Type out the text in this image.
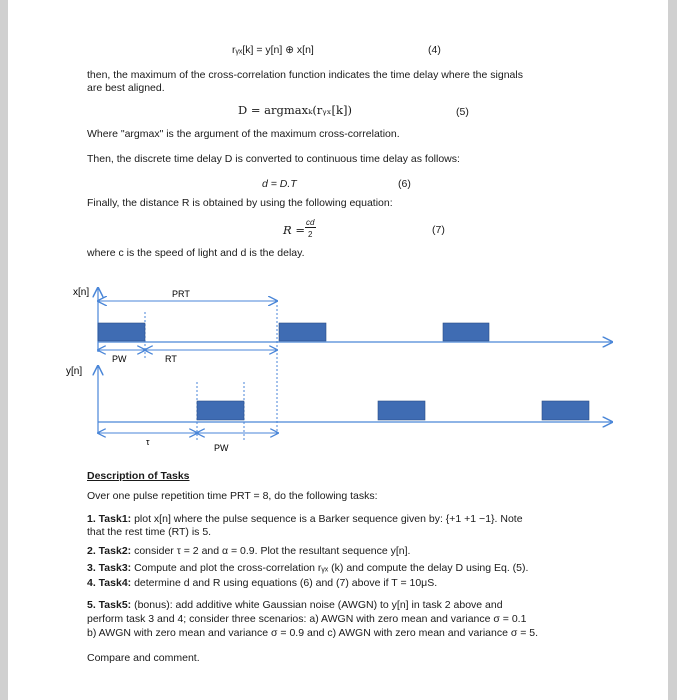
rᵧₓ[k] = y[n] ⊕ x[n]	(4)
then, the maximum of the cross-correlation function indicates the time delay where the signals
are best aligned.
D = argmaxₖ(rᵧₓ[k])	(5)
Where "argmax" is the argument of the maximum cross-correlation.
Then, the discrete time delay D is converted to continuous time delay as follows:
d = D.T	(6)
Finally, the distance R is obtained by using the following equation:
R =
cd
2	(7)
where c is the speed of light and d is the delay.
x[n]
y[n]
PRT
PW	RT
τ
PW
Description of Tasks
Over one pulse repetition time PRT = 8, do the following tasks:
1. Task1: plot x[n] where the pulse sequence is a Barker sequence given by: {+1 +1 −1}. Note
that the rest time (RT) is 5.
2. Task2: consider τ = 2 and α = 0.9. Plot the resultant sequence y[n].
3. Task3: Compute and plot the cross-correlation rᵧₓ (k) and compute the delay D using Eq. (5).
4. Task4: determine d and R using equations (6) and (7) above if T = 10μS.
5. Task5: (bonus): add additive white Gaussian noise (AWGN) to y[n] in task 2 above and
perform task 3 and 4; consider three scenarios: a) AWGN with zero mean and variance σ = 0.1
b) AWGN with zero mean and variance σ = 0.9 and c) AWGN with zero mean and variance σ = 5.
Compare and comment.
